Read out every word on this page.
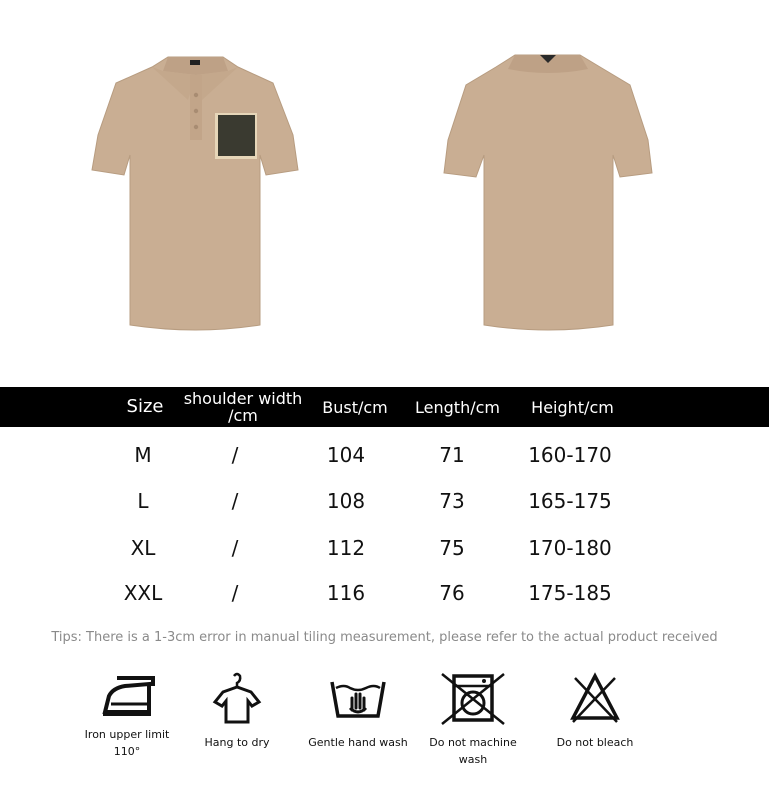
Size	shoulder width /cm	Bust/cm	Length/cm	Height/cm
M	/	104	71	160-170
L	/	108	73	165-175
XL	/	112	75	170-180
XXL	/	116	76	175-185
Tips: There is a 1-3cm error in manual tiling measurement, please refer to the actual product received
Iron upper limit 110°
Hang to dry	Gentle hand wash	Do not machine wash
Do not bleach
